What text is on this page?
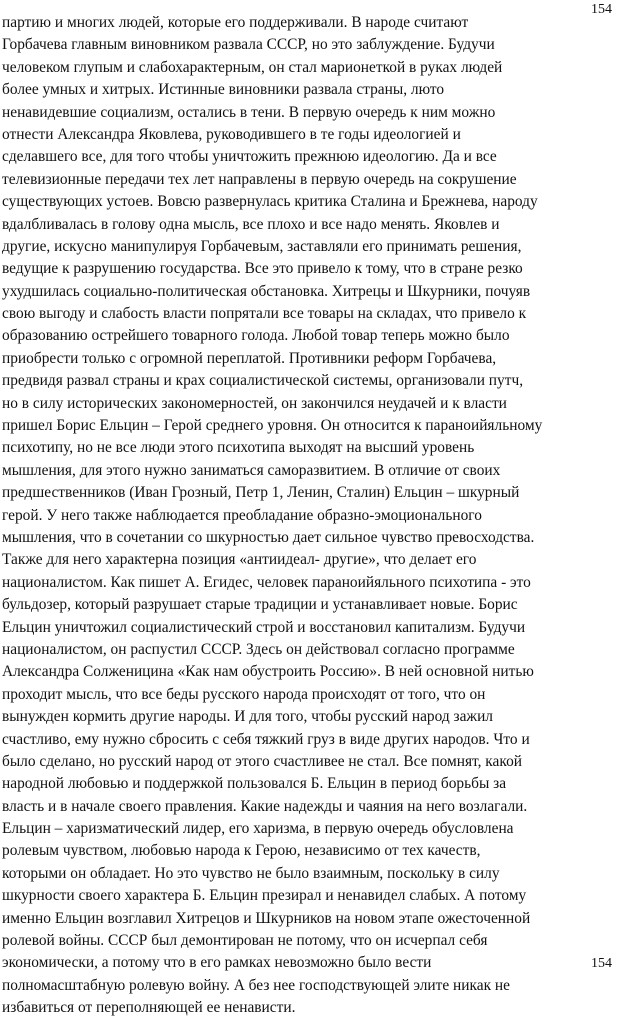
154
партию и многих людей, которые его поддерживали. В народе считают
Горбачева главным виновником развала СССР, но это заблуждение. Будучи
человеком глупым и слабохарактерным, он стал марионеткой в руках людей
более умных и хитрых. Истинные виновники развала страны, люто
ненавидевшие социализм, остались в тени. В первую очередь к ним можно
отнести Александра Яковлева, руководившего в те годы идеологией и
сделавшего все, для того чтобы уничтожить прежнюю идеологию. Да и все
телевизионные передачи тех лет направлены в первую очередь на сокрушение
существующих устоев. Вовсю развернулась критика Сталина и Брежнева, народу
вдалбливалась в голову одна мысль, все плохо и все надо менять. Яковлев и
другие, искусно манипулируя Горбачевым, заставляли его принимать решения,
ведущие к разрушению государства. Все это привело к тому, что в стране резко
ухудшилась социально-политическая обстановка. Хитрецы и Шкурники, почуяв
свою выгоду и слабость власти попрятали все товары на складах, что привело к
образованию острейшего товарного голода. Любой товар теперь можно было
приобрести только с огромной переплатой. Противники реформ Горбачева,
предвидя развал страны и крах социалистической системы, организовали путч,
но в силу исторических закономерностей, он закончился неудачей и к власти
пришел Борис Ельцин – Герой среднего уровня. Он относится к параноийяльному
психотипу, но не все люди этого психотипа выходят на высший уровень
мышления, для этого нужно заниматься саморазвитием. В отличие от своих
предшественников (Иван Грозный, Петр 1, Ленин, Сталин) Ельцин – шкурный
герой. У него также наблюдается преобладание образно-эмоционального
мышления, что в сочетании со шкурностью дает сильное чувство превосходства.
Также для него характерна позиция «антиидеал- другие», что делает его
националистом. Как пишет А. Егидес, человек параноийяльного психотипа - это
бульдозер, который разрушает старые традиции и устанавливает новые. Борис
Ельцин уничтожил социалистический строй и восстановил капитализм. Будучи
националистом, он распустил СССР. Здесь он действовал согласно программе
Александра Солженицина «Как нам обустроить Россию». В ней основной нитью
проходит мысль, что все беды русского народа происходят от того, что он
вынужден кормить другие народы. И для того, чтобы русский народ зажил
счастливо, ему нужно сбросить с себя тяжкий груз в виде других народов. Что и
было сделано, но русский народ от этого счастливее не стал. Все помнят, какой
народной любовью и поддержкой пользовался Б. Ельцин в период борьбы за
власть и в начале своего правления. Какие надежды и чаяния на него возлагали.
Ельцин – харизматический лидер, его харизма, в первую очередь обусловлена
ролевым чувством, любовью народа к Герою, независимо от тех качеств,
которыми он обладает. Но это чувство не было взаимным, поскольку в силу
шкурности своего характера Б. Ельцин презирал и ненавидел слабых. А потому
именно Ельцин возглавил Хитрецов и Шкурников на новом этапе ожесточенной
ролевой войны. СССР был демонтирован не потому, что он исчерпал себя
экономически, а потому что в его рамках невозможно было вести
полномасштабную ролевую войну. А без нее господствующей элите никак не
избавиться от переполняющей ее ненависти.
154
